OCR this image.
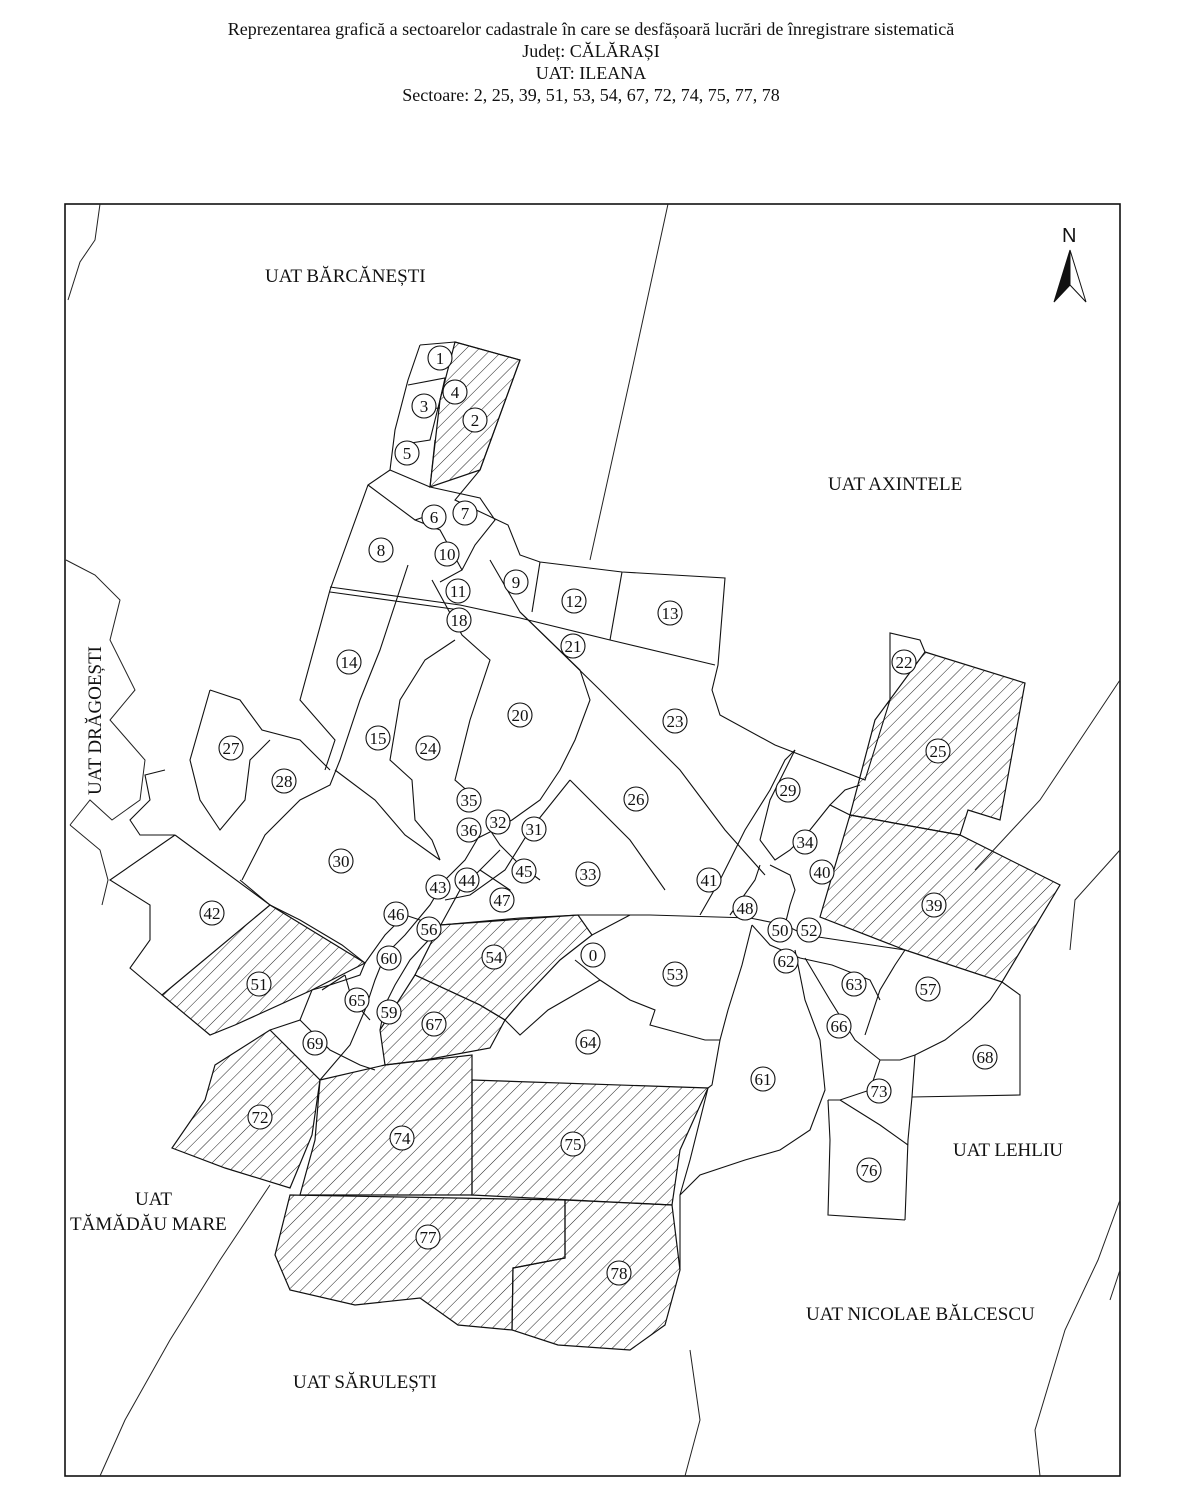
Reprezentarea grafică a sectoarelor cadastrale în care se desfășoară lucrări de înregistrare sistematică
Județ: CĂLĂRAȘI
UAT: ILEANA
Sectoare: 2, 25, 39, 51, 53, 54, 67, 72, 74, 75, 77, 78
UAT BĂRCĂNEȘTI
UAT AXINTELE
UAT DRĂGOEȘTI
UAT LEHLIU
UAT
TĂMĂDĂU MARE
UAT NICOLAE BĂLCESCU
UAT SĂRULEȘTI
N
0
1
2
3
4
5
6 7
8
9
10
11
12
13
14
15
18
20
21
22
23
24	25
26
27
28	29
30
31
32
33
34
35
36
39
40
41
42
43 44 45
46
47	48
50
51
52
53
54
56
57
59
60
61
62
63
64
65
66
67
68
69
72
73
74	75
76
77
78
